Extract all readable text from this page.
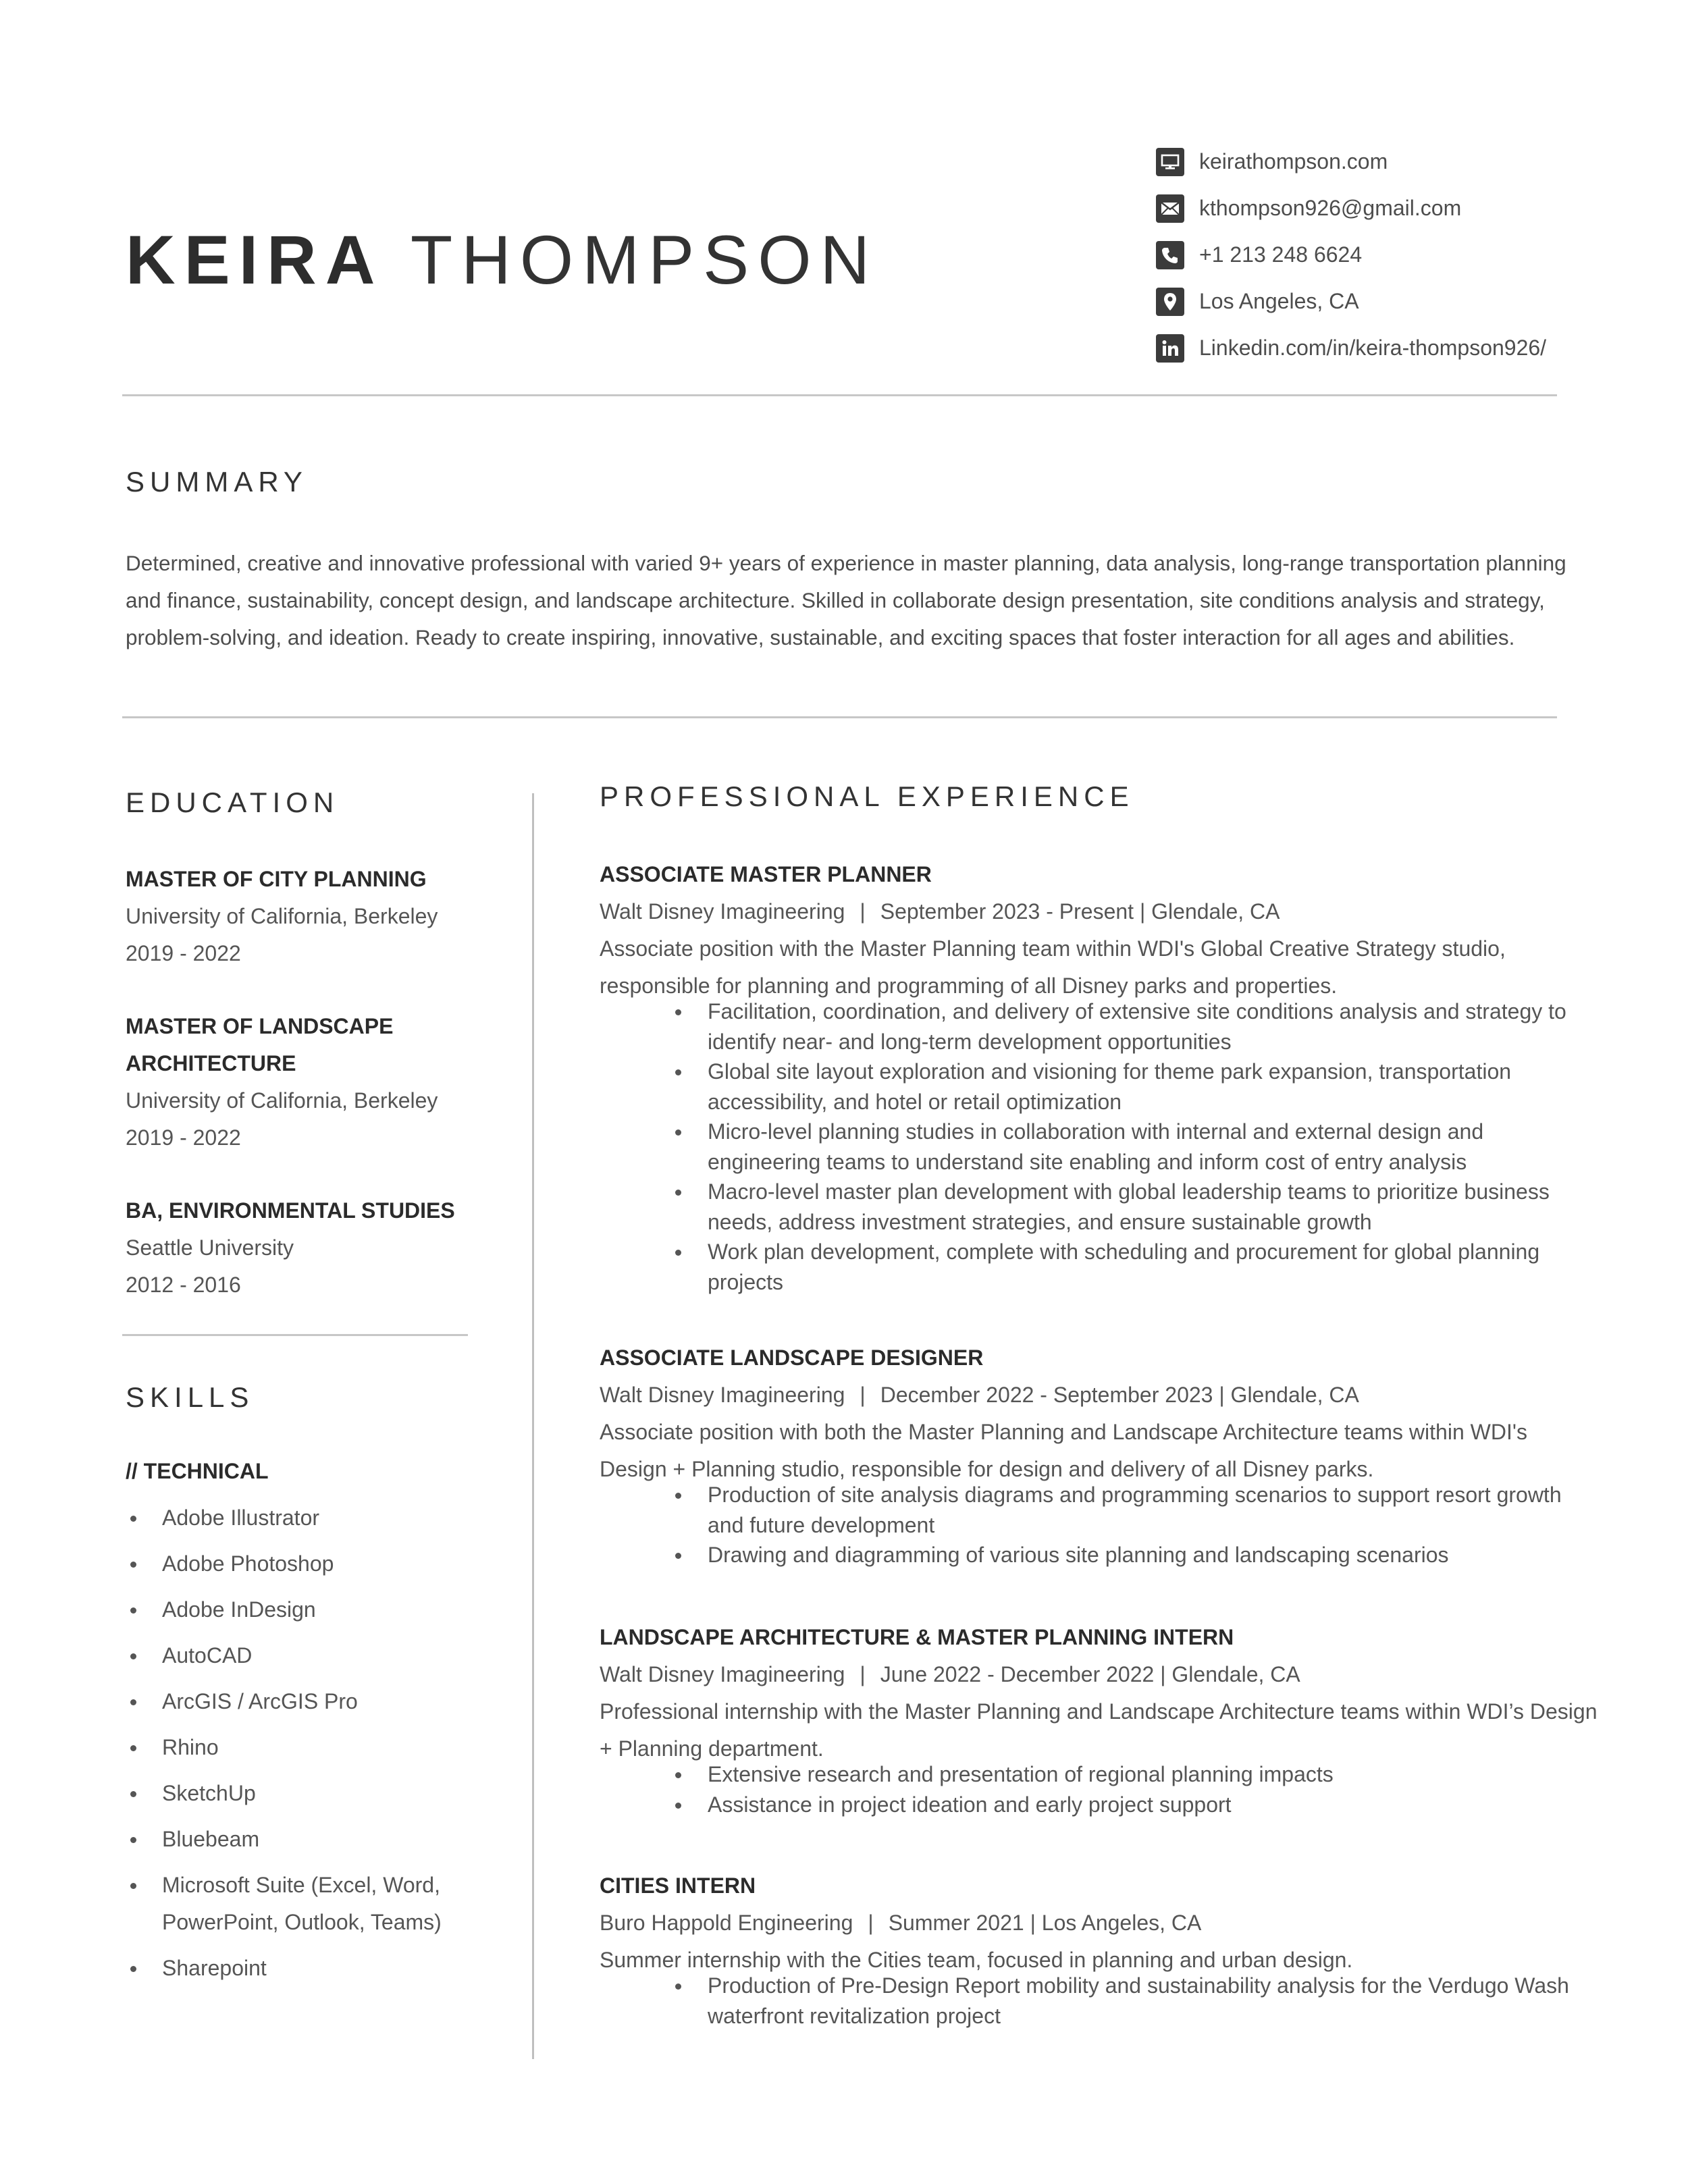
KEIRA THOMPSON
keirathompson.com
kthompson926@gmail.com
+1 213 248 6624
Los Angeles, CA
Linkedin.com/in/keira-thompson926/
SUMMARY
Determined, creative and innovative professional with varied 9+ years of experience in master planning, data analysis, long-range transportation planning and finance, sustainability, concept design, and landscape architecture. Skilled in collaborate design presentation, site conditions analysis and strategy, problem-solving, and ideation. Ready to create inspiring, innovative, sustainable, and exciting spaces that foster interaction for all ages and abilities.
EDUCATION
MASTER OF CITY PLANNING
University of California, Berkeley
2019 - 2022
MASTER OF LANDSCAPE ARCHITECTURE
University of California, Berkeley
2019 - 2022
BA, ENVIRONMENTAL STUDIES
Seattle University
2012 - 2016
SKILLS
// TECHNICAL
Adobe Illustrator
Adobe Photoshop
Adobe InDesign
AutoCAD
ArcGIS / ArcGIS Pro
Rhino
SketchUp
Bluebeam
Microsoft Suite (Excel, Word, PowerPoint, Outlook, Teams)
Sharepoint
PROFESSIONAL EXPERIENCE
ASSOCIATE MASTER PLANNER
Walt Disney Imagineering | September 2023 - Present | Glendale, CA
Associate position with the Master Planning team within WDI's Global Creative Strategy studio, responsible for planning and programming of all Disney parks and properties.
Facilitation, coordination, and delivery of extensive site conditions analysis and strategy to identify near- and long-term development opportunities
Global site layout exploration and visioning for theme park expansion, transportation accessibility, and hotel or retail optimization
Micro-level planning studies in collaboration with internal and external design and engineering teams to understand site enabling and inform cost of entry analysis
Macro-level master plan development with global leadership teams to prioritize business needs, address investment strategies, and ensure sustainable growth
Work plan development, complete with scheduling and procurement for global planning projects
ASSOCIATE LANDSCAPE DESIGNER
Walt Disney Imagineering | December 2022 - September 2023 | Glendale, CA
Associate position with both the Master Planning and Landscape Architecture teams within WDI's Design + Planning studio, responsible for design and delivery of all Disney parks.
Production of site analysis diagrams and programming scenarios to support resort growth and future development
Drawing and diagramming of various site planning and landscaping scenarios
LANDSCAPE ARCHITECTURE & MASTER PLANNING INTERN
Walt Disney Imagineering | June 2022 - December 2022 | Glendale, CA
Professional internship with the Master Planning and Landscape Architecture teams within WDI’s Design + Planning department.
Extensive research and presentation of regional planning impacts
Assistance in project ideation and early project support
CITIES INTERN
Buro Happold Engineering | Summer 2021 | Los Angeles, CA
Summer internship with the Cities team, focused in planning and urban design.
Production of Pre-Design Report mobility and sustainability analysis for the Verdugo Wash waterfront revitalization project
